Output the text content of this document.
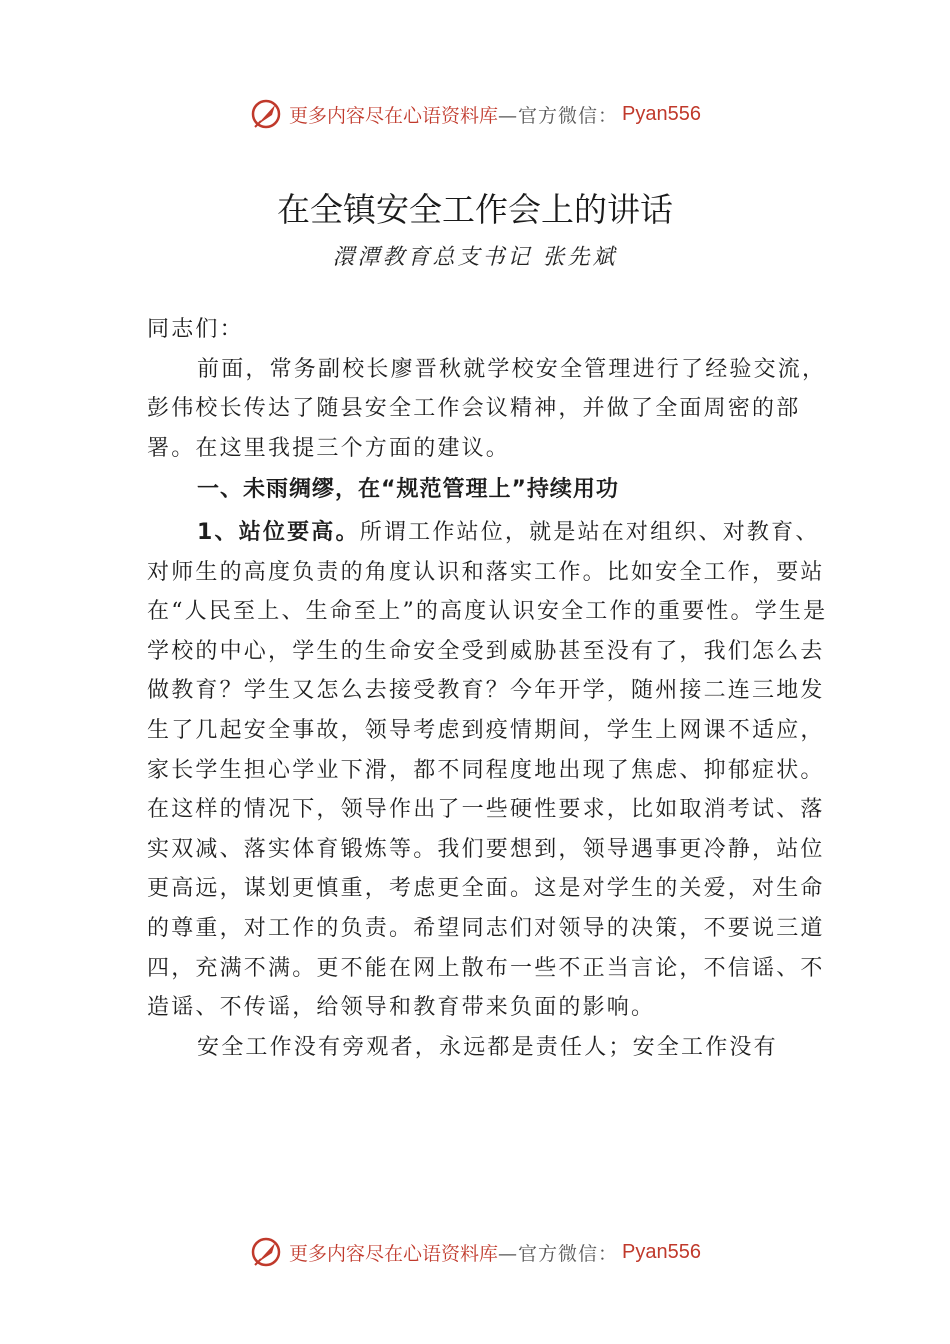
更多内容尽在心语资料库 —官方微信： Pyan556
在全镇安全工作会上的讲话
澴潭教育总支书记 张先斌

同志们：

前面，常务副校长廖晋秋就学校安全管理进行了经验交流，彭伟校长传达了随县安全工作会议精神，并做了全面周密的部署。在这里我提三个方面的建议。

一、未雨绸缪，在“规范管理上”持续用功

1、站位要高。所谓工作站位，就是站在对组织、对教育、对师生的高度负责的角度认识和落实工作。比如安全工作，要站在“人民至上、生命至上”的高度认识安全工作的重要性。学生是学校的中心，学生的生命安全受到威胁甚至没有了，我们怎么去做教育？学生又怎么去接受教育？今年开学，随州接二连三地发生了几起安全事故，领导考虑到疫情期间，学生上网课不适应，家长学生担心学业下滑，都不同程度地出现了焦虑、抑郁症状。在这样的情况下，领导作出了一些硬性要求，比如取消考试、落实双减、落实体育锻炼等。我们要想到，领导遇事更冷静，站位更高远，谋划更慎重，考虑更全面。这是对学生的关爱，对生命的尊重，对工作的负责。希望同志们对领导的决策，不要说三道四，充满不满。更不能在网上散布一些不正当言论，不信谣、不造谣、不传谣，给领导和教育带来负面的影响。

安全工作没有旁观者，永远都是责任人；安全工作没有

更多内容尽在心语资料库 —官方微信： Pyan556
